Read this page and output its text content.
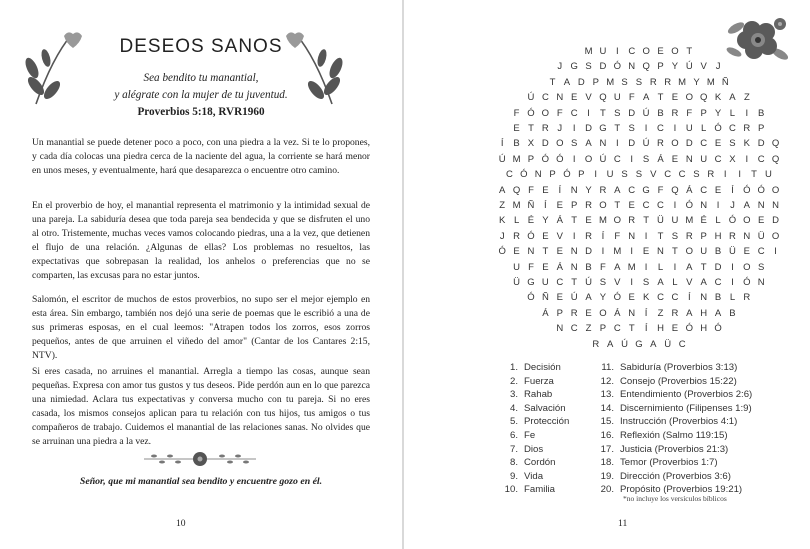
DESEOS SANOS
Sea bendito tu manantial,
y alégrate con la mujer de tu juventud.
Proverbios 5:18, RVR1960

Un manantial se puede detener poco a poco, con una piedra a la vez. Si te lo propones, y cada día colocas una piedra cerca de la naciente del agua, la corriente se hará menor en unos meses, y eventualmente, hará que desaparezca o encuentre otro camino.

En el proverbio de hoy, el manantial representa el matrimonio y la intimidad sexual de una pareja. La sabiduría desea que toda pareja sea bendecida y que se disfruten el uno al otro. Tristemente, muchas veces vamos colocando piedras, una a la vez, que detienen el flujo de una relación. ¿Algunas de ellas? Los problemas no resueltos, las expectativas que sobrepasan la realidad, los anhelos o preferencias que no se comparten, las excusas para no estar juntos.

Salomón, el escritor de muchos de estos proverbios, no supo ser el mejor ejemplo en esta área. Sin embargo, también nos dejó una serie de poemas que le escribió a una de sus primeras esposas, en el cual leemos: "Atrapen todos los zorros, esos zorros pequeños, antes de que arruinen el viñedo del amor" (Cantar de los Cantares 2:15, NTV).

Si eres casada, no arruines el manantial. Arregla a tiempo las cosas, aunque sean pequeñas. Expresa con amor tus gustos y tus deseos. Pide perdón aun en lo que parezca una nimiedad. Aclara tus expectativas y conversa mucho con tu pareja. Si no eres casada, los mismos consejos aplican para tu relación con tus hijos, tus amigos o tus compañeros de trabajo. Cuidemos el manantial de las relaciones sanas. No olvides que se arruinan una piedra a la vez.

Señor, que mi manantial sea bendito y encuentre gozo en él.
10
M U I C O E O T
J G S D Ó N Q P Y Ú V J
T A D P M S S R R M Y M Ñ
Ú C N E V Q U F A T E O Q K A Z
F Ó O F C I T S D Ú B R F P Y L I B
E T R J I D G T S I C I U L Ó C R P
Í B X D O S A N I D Ú R O D C E S K D Q
Ú M P Ó Ó I O Ú C I S Á E N U C X I C Q
C Ó N P Ó P I U S S V C C S R I I T U
A Q F E Í N Y R A C G F Q Á C E Í Ó Ó O
Z M Ñ Í E P R O T E C C I Ó N I J A N N
K L É Y Á T E M O R T Ü U M É L Ó O E D
J R Ó E V I R Í F N I T S R P H R N Ü O
Ó E N T E N D I M I E N T O U B Ü E C I
U F E Á N B F A M I L I A T D I O S
Ü G U C T Ú S V I S A L V A C I Ó N
Ó Ñ E Ú A Y Ó E K C C Í N B L R
Á P R E O Á N Í Z R A H A B
N C Z P C T Í H E Ó H Ó
R A Ú G A Ü C
1. Decisión
2. Fuerza
3. Rahab
4. Salvación
5. Protección
6. Fe
7. Dios
8. Cordón
9. Vida
10. Familia
11. Sabiduría (Proverbios 3:13)
12. Consejo (Proverbios 15:22)
13. Entendimiento (Proverbios 2:6)
14. Discernimiento (Filipenses 1:9)
15. Instrucción (Proverbios 4:1)
16. Reflexión (Salmo 119:15)
17. Justicia (Proverbios 21:3)
18. Temor (Proverbios 1:7)
19. Dirección (Proverbios 3:6)
20. Propósito (Proverbios 19:21)
11
*no incluye los versículos bíblicos
